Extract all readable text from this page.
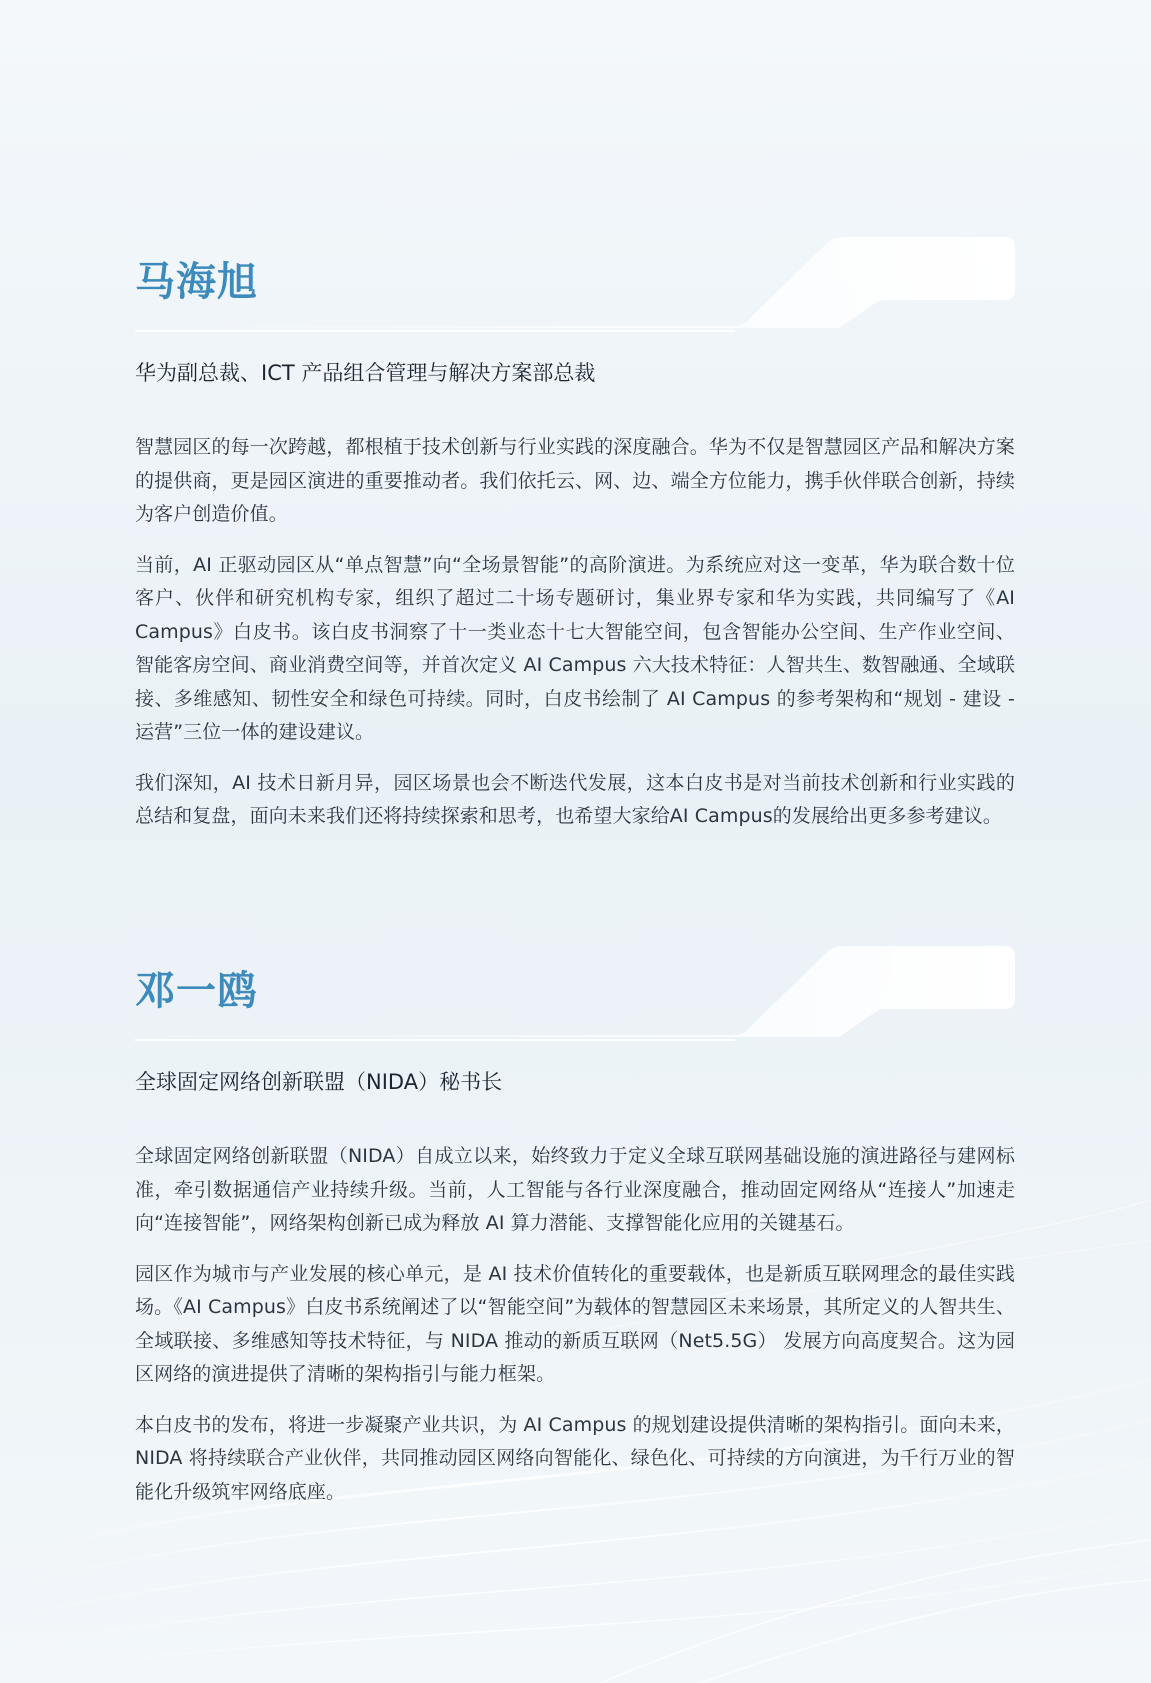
马海旭
华为副总裁、ICT 产品组合管理与解决方案部总裁

智慧园区的每一次跨越，都根植于技术创新与行业实践的深度融合。华为不仅是智慧园区产品和解决方案的提供商，更是园区演进的重要推动者。我们依托云、网、边、端全方位能力，携手伙伴联合创新，持续为客户创造价值。

当前，AI 正驱动园区从“单点智慧”向“全场景智能”的高阶演进。为系统应对这一变革，华为联合数十位客户、伙伴和研究机构专家，组织了超过二十场专题研讨，集业界专家和华为实践，共同编写了《AI Campus》白皮书。该白皮书洞察了十一类业态十七大智能空间，包含智能办公空间、生产作业空间、智能客房空间、商业消费空间等，并首次定义 AI Campus 六大技术特征：人智共生、数智融通、全域联接、多维感知、韧性安全和绿色可持续。同时，白皮书绘制了 AI Campus 的参考架构和“规划 - 建设 - 运营”三位一体的建设建议。

我们深知，AI 技术日新月异，园区场景也会不断迭代发展，这本白皮书是对当前技术创新和行业实践的总结和复盘，面向未来我们还将持续探索和思考，也希望大家给AI Campus的发展给出更多参考建议。

邓一鸥
全球固定网络创新联盟（NIDA）秘书长

全球固定网络创新联盟（NIDA）自成立以来，始终致力于定义全球互联网基础设施的演进路径与建网标准，牵引数据通信产业持续升级。当前，人工智能与各行业深度融合，推动固定网络从“连接人”加速走向“连接智能”，网络架构创新已成为释放 AI 算力潜能、支撑智能化应用的关键基石。

园区作为城市与产业发展的核心单元，是 AI 技术价值转化的重要载体，也是新质互联网理念的最佳实践场。《AI Campus》白皮书系统阐述了以“智能空间”为载体的智慧园区未来场景，其所定义的人智共生、全域联接、多维感知等技术特征，与 NIDA 推动的新质互联网（Net5.5G） 发展方向高度契合。这为园区网络的演进提供了清晰的架构指引与能力框架。

本白皮书的发布，将进一步凝聚产业共识，为 AI Campus 的规划建设提供清晰的架构指引。面向未来，NIDA 将持续联合产业伙伴，共同推动园区网络向智能化、绿色化、可持续的方向演进，为千行万业的智能化升级筑牢网络底座。
